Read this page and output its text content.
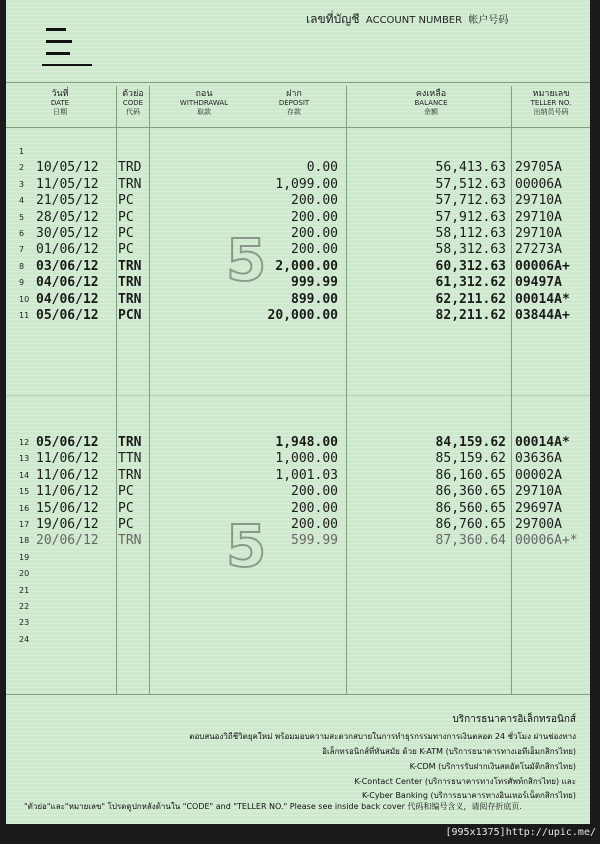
เลขที่บัญชี ACCOUNT NUMBER 帐户号码
วันที่
DATE
日期
ตัวย่อ
CODE
代码
ถอน
WITHDRAWAL
取款
ฝาก
DEPOSIT
存款
คงเหลือ
BALANCE
余额
หมายเลข
TELLER NO.
出纳员号码
5
5
1
2
3
4
5
6
7
8
9
10
11
12
13
14
15
16
17
18
19
20
21
22
23
24
10/05/12 TRD	0.00	56,413.63 29705A
11/05/12 TRN	1,099.00	57,512.63 00006A
21/05/12 PC	200.00	57,712.63 29710A
28/05/12 PC	200.00	57,912.63 29710A
30/05/12 PC	200.00	58,112.63 29710A
01/06/12 PC	200.00	58,312.63 27273A
03/06/12 TRN	2,000.00	60,312.63 00006A+
04/06/12 TRN	999.99	61,312.62 09497A
04/06/12 TRN	899.00	62,211.62 00014A*
05/06/12 PCN	20,000.00	82,211.62 03844A+
05/06/12 TRN	1,948.00	84,159.62 00014A*
11/06/12 TTN	1,000.00	85,159.62 03636A
11/06/12 TRN	1,001.03	86,160.65 00002A
11/06/12 PC	200.00	86,360.65 29710A
15/06/12 PC	200.00	86,560.65 29697A
19/06/12 PC	200.00	86,760.65 29700A
20/06/12 TRN	599.99	87,360.64 00006A+*
บริการธนาคารอิเล็กทรอนิกส์
ตอบสนองวิถีชีวิตยุคใหม่ พร้อมมอบความสะดวกสบายในการทำธุรกรรมทางการเงินตลอด 24 ชั่วโมง ผ่านช่องทาง
อิเล็กทรอนิกส์ที่ทันสมัย ด้วย K-ATM (บริการธนาคารทางเอทีเอ็มกสิกรไทย)
K-CDM (บริการรับฝากเงินสดอัตโนมัติกสิกรไทย)
K-Contact Center (บริการธนาคารทางโทรศัพท์กสิกรไทย) และ
K-Cyber Banking (บริการธนาคารทางอินเทอร์เน็ตกสิกรไทย)
"ตัวย่อ"และ"หมายเลข" โปรดดูปกหลังด้านใน "CODE" and "TELLER NO." Please see inside back cover 代码和编号含义，请阅存折底页.
[995x1375]http://upic.me/
